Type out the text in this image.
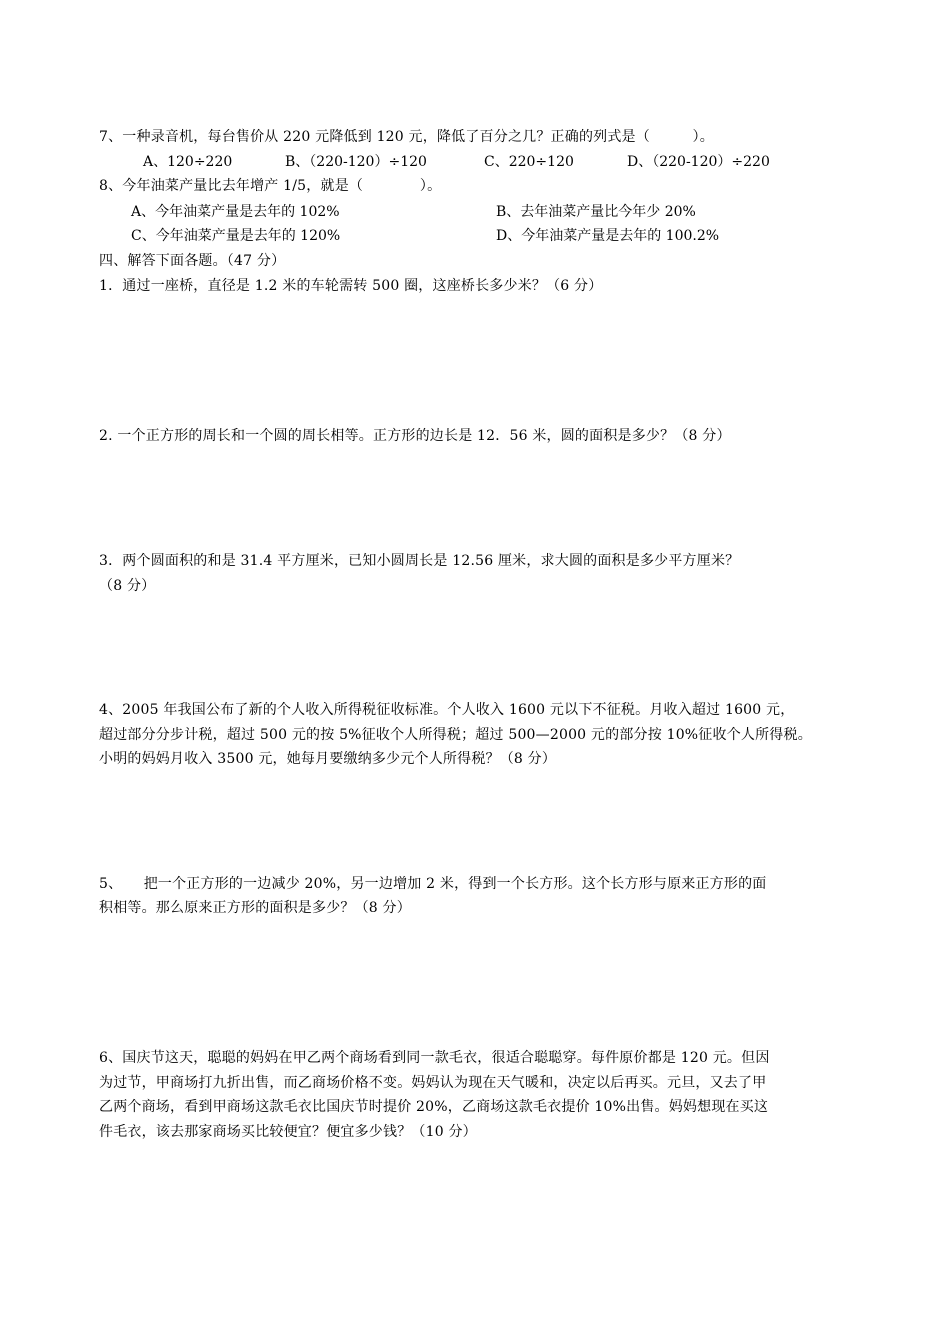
7、一种录音机，每台售价从 220 元降低到 120 元，降低了百分之几？正确的列式是（　　　）。
A、120÷220	B、（220-120）÷120	C、220÷120	D、（220-120）÷220
8、今年油菜产量比去年增产 1/5，就是（　　　　）。
A、今年油菜产量是去年的 102%	B、去年油菜产量比今年少 20%
C、今年油菜产量是去年的 120%	D、今年油菜产量是去年的 100.2%
四、解答下面各题。（47 分）
1．通过一座桥，直径是 1.2 米的车轮需转 500 圈，这座桥长多少米？（6 分）
2. 一个正方形的周长和一个圆的周长相等。正方形的边长是 12．56 米，圆的面积是多少？（8 分）
3．两个圆面积的和是 31.4 平方厘米，已知小圆周长是 12.56 厘米，求大圆的面积是多少平方厘米？
（8 分）
4、2005 年我国公布了新的个人收入所得税征收标准。个人收入 1600 元以下不征税。月收入超过 1600 元，
超过部分分步计税，超过 500 元的按 5%征收个人所得税；超过 500—2000 元的部分按 10%征收个人所得税。
小明的妈妈月收入 3500 元，她每月要缴纳多少元个人所得税？（8 分）
5、　　把一个正方形的一边减少 20%，另一边增加 2 米，得到一个长方形。这个长方形与原来正方形的面
积相等。那么原来正方形的面积是多少？（8 分）
6、国庆节这天，聪聪的妈妈在甲乙两个商场看到同一款毛衣，很适合聪聪穿。每件原价都是 120 元。但因
为过节，甲商场打九折出售，而乙商场价格不变。妈妈认为现在天气暖和，决定以后再买。元旦，又去了甲
乙两个商场，看到甲商场这款毛衣比国庆节时提价 20%，乙商场这款毛衣提价 10%出售。妈妈想现在买这
件毛衣，该去那家商场买比较便宜？便宜多少钱？（10 分）
